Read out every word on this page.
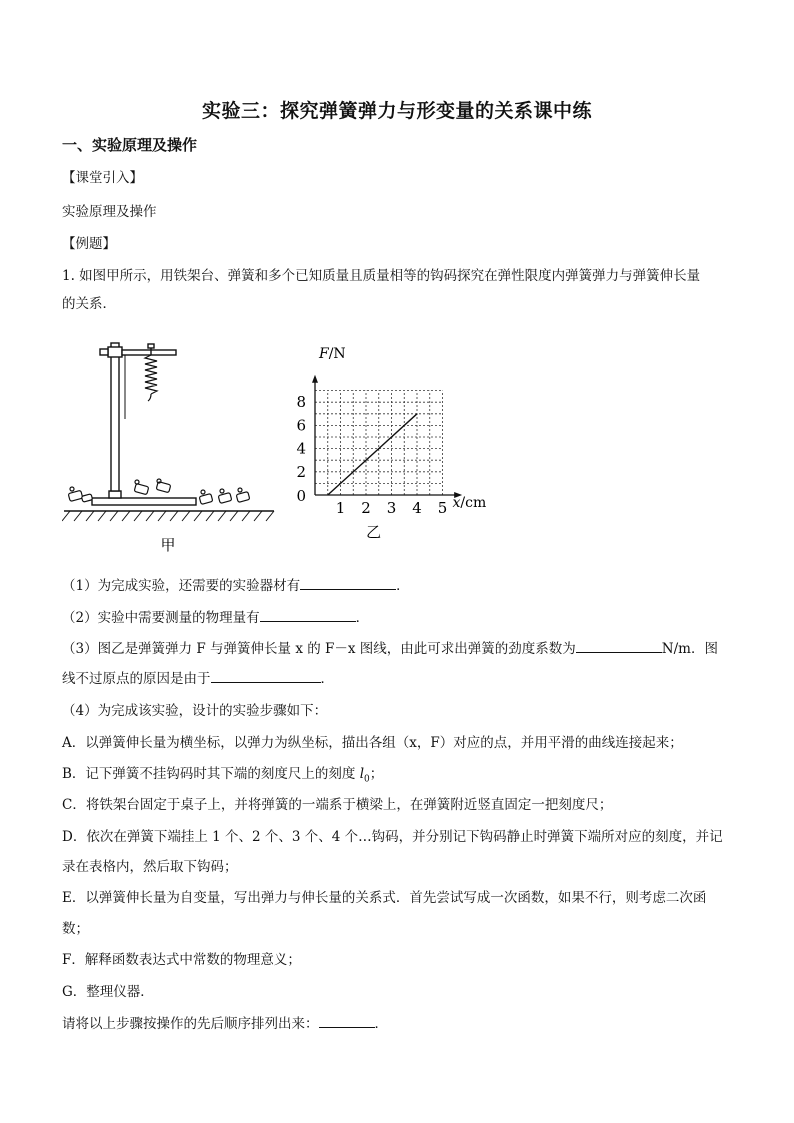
实验三：探究弹簧弹力与形变量的关系课中练
一、实验原理及操作
【课堂引入】
实验原理及操作
【例题】
1. 如图甲所示，用铁架台、弹簧和多个已知质量且质量相等的钩码探究在弹性限度内弹簧弹力与弹簧伸长量
的关系．
甲
1 2 3 4 5
2
4
6
8
0
F/N
x/cm
乙
（1）为完成实验，还需要的实验器材有	．
（2）实验中需要测量的物理量有	．
（3）图乙是弹簧弹力 F 与弹簧伸长量 x 的 F－x 图线，由此可求出弹簧的劲度系数为	N/m．图
线不过原点的原因是由于	．
（4）为完成该实验，设计的实验步骤如下：
A．以弹簧伸长量为横坐标，以弹力为纵坐标，描出各组（x，F）对应的点，并用平滑的曲线连接起来；
B．记下弹簧不挂钩码时其下端的刻度尺上的刻度 $l_0$；
C．将铁架台固定于桌子上，并将弹簧的一端系于横梁上，在弹簧附近竖直固定一把刻度尺；
D．依次在弹簧下端挂上 1 个、2 个、3 个、4 个…钩码，并分别记下钩码静止时弹簧下端所对应的刻度，并记
录在表格内，然后取下钩码；
E．以弹簧伸长量为自变量，写出弹力与伸长量的关系式．首先尝试写成一次函数，如果不行，则考虑二次函
数；
F．解释函数表达式中常数的物理意义；
G．整理仪器．
请将以上步骤按操作的先后顺序排列出来：	．
